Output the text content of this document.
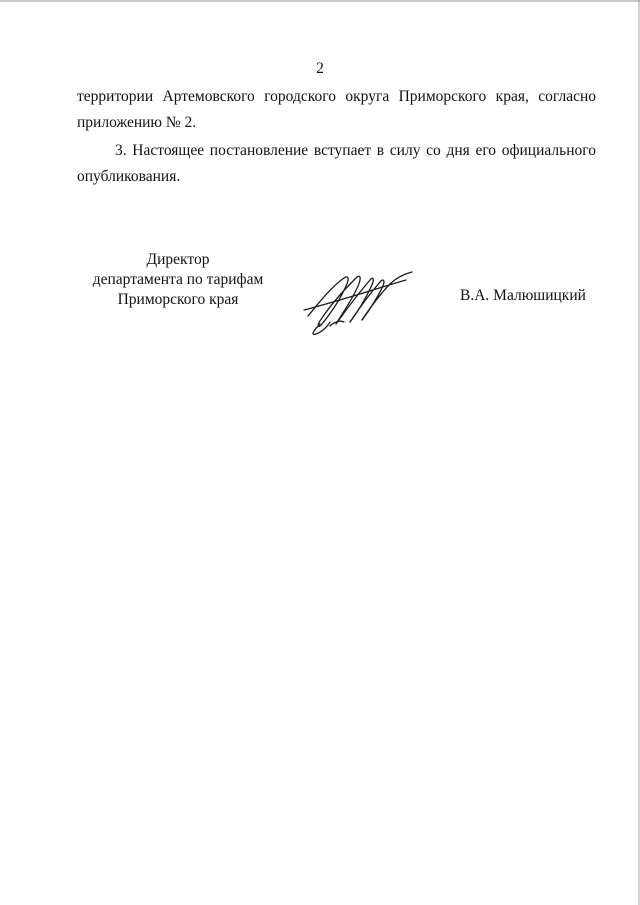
2
территории Артемовского городского округа Приморского края, согласно
приложению № 2.
3. Настоящее постановление вступает в силу со дня его официального
опубликования.
Директор
департамента по тарифам
Приморского края	В.А. Малюшицкий
